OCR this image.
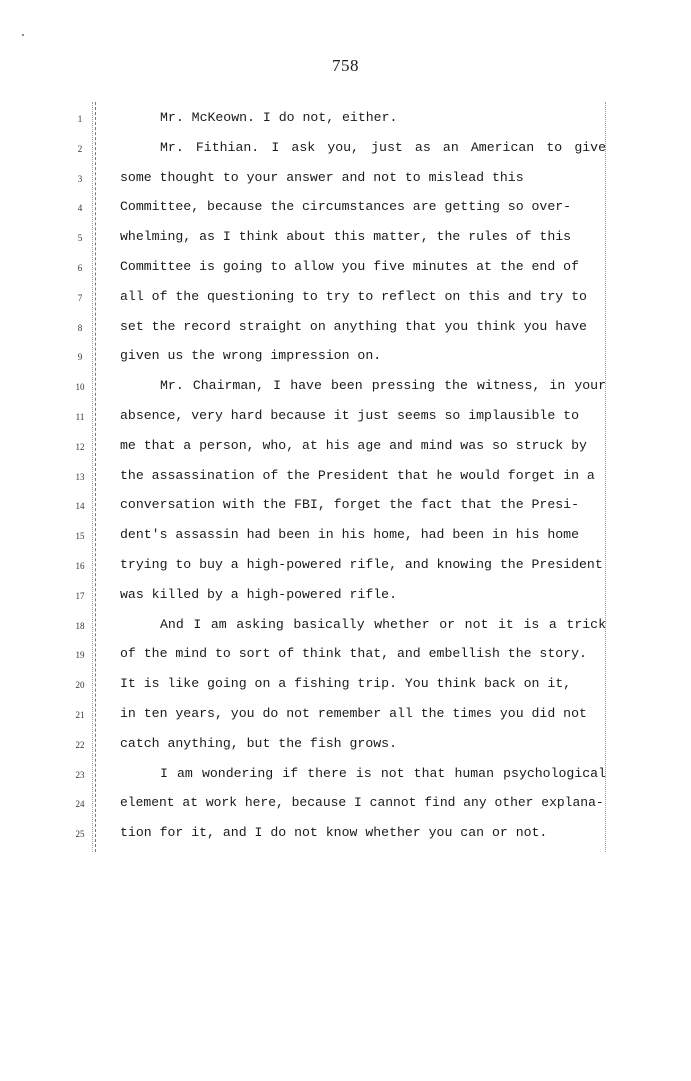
758
1	Mr. McKeown. I do not, either.
2	Mr. Fithian. I ask you, just as an American to give
3	some thought to your answer and not to mislead this
4	Committee, because the circumstances are getting so over-
5	whelming, as I think about this matter, the rules of this
6	Committee is going to allow you five minutes at the end of
7	all of the questioning to try to reflect on this and try to
8	set the record straight on anything that you think you have
9	given us the wrong impression on.
10	Mr. Chairman, I have been pressing the witness, in your
11	absence, very hard because it just seems so implausible to
12	me that a person, who, at his age and mind was so struck by
13	the assassination of the President that he would forget in a
14	conversation with the FBI, forget the fact that the Presi-
15	dent's assassin had been in his home, had been in his home
16	trying to buy a high-powered rifle, and knowing the President
17	was killed by a high-powered rifle.
18	And I am asking basically whether or not it is a trick
19	of the mind to sort of think that, and embellish the story.
20	It is like going on a fishing trip. You think back on it,
21	in ten years, you do not remember all the times you did not
22	catch anything, but the fish grows.
23	I am wondering if there is not that human psychological
24	element at work here, because I cannot find any other explana-
25	tion for it, and I do not know whether you can or not.
